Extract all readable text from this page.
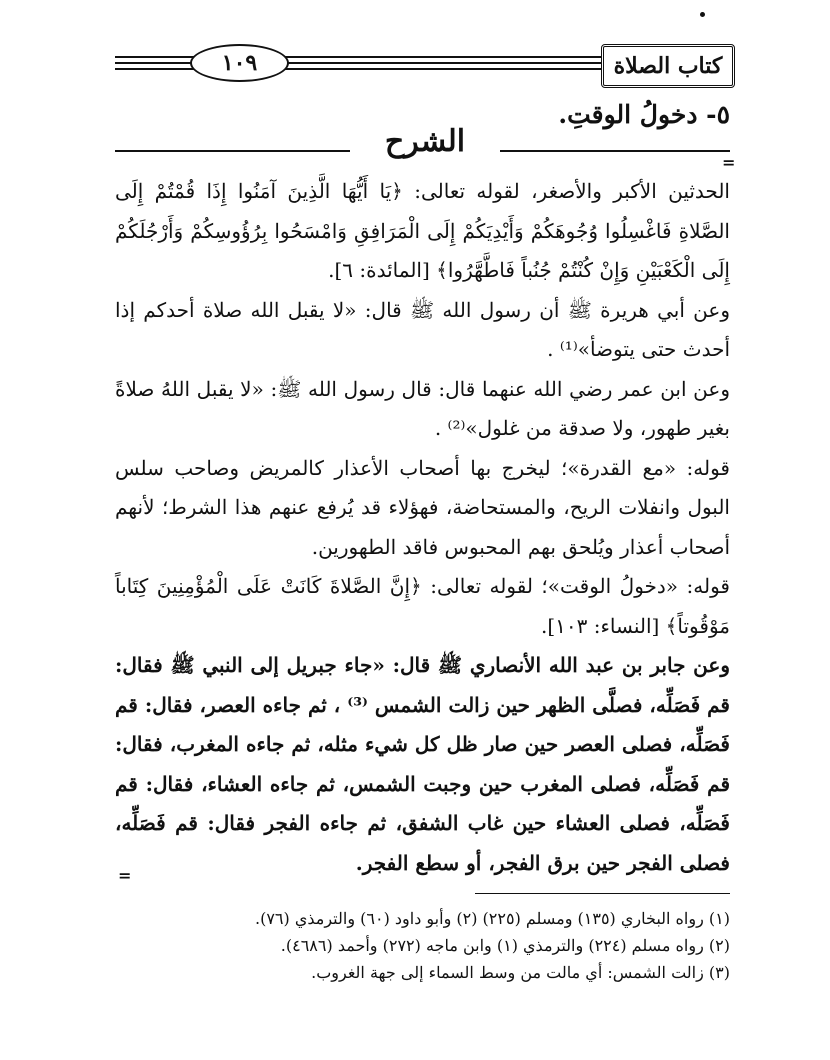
١٠٩	كتاب الصلاة
٥- دخولُ الوقتِ.
الشرح
=

الحدثين الأكبر والأصغر، لقوله تعالى: ﴿يَا أَيُّهَا الَّذِينَ آمَنُوا إِذَا قُمْتُمْ إِلَى الصَّلاةِ فَاغْسِلُوا وُجُوهَكُمْ وَأَيْدِيَكُمْ إِلَى الْمَرَافِقِ وَامْسَحُوا بِرُؤُوسِكُمْ وَأَرْجُلَكُمْ إِلَى الْكَعْبَيْنِ وَإِنْ كُنْتُمْ جُنُباً فَاطَّهَّرُوا﴾ [المائدة: ٦].

وعن أبي هريرة ﷺ أن رسول الله ﷺ قال: «لا يقبل الله صلاة أحدكم إذا أحدث حتى يتوضأ»⁽¹⁾ .

وعن ابن عمر رضي الله عنهما قال: قال رسول الله ﷺ: «لا يقبل اللهُ صلاةً بغير طهور، ولا صدقة من غلول»⁽²⁾ .

قوله: «مع القدرة»؛ ليخرج بها أصحاب الأعذار كالمريض وصاحب سلس البول وانفلات الريح، والمستحاضة، فهؤلاء قد يُرفع عنهم هذا الشرط؛ لأنهم أصحاب أعذار ويُلحق بهم المحبوس فاقد الطهورين.

قوله: «دخولُ الوقت»؛ لقوله تعالى: ﴿إِنَّ الصَّلاةَ كَانَتْ عَلَى الْمُؤْمِنِينَ كِتَاباً مَوْقُوتاً﴾ [النساء: ١٠٣].

وعن جابر بن عبد الله الأنصاري ﷺ قال: «جاء جبريل إلى النبي ﷺ فقال: قم فَصَلِّه، فصلَّى الظهر حين زالت الشمس ⁽³⁾ ، ثم جاءه العصر، فقال: قم فَصَلِّه، فصلى العصر حين صار ظل كل شيء مثله، ثم جاءه المغرب، فقال: قم فَصَلِّه، فصلى المغرب حين وجبت الشمس، ثم جاءه العشاء، فقال: قم فَصَلِّه، فصلى العشاء حين غاب الشفق، ثم جاءه الفجر فقال: قم فَصَلِّه، فصلى الفجر حين برق الفجر، أو سطع الفجر.

=
(١) رواه البخاري (١٣٥) ومسلم (٢٢٥) (٢) وأبو داود (٦٠) والترمذي (٧٦).
(٢) رواه مسلم (٢٢٤) والترمذي (١) وابن ماجه (٢٧٢) وأحمد (٤٦٨٦).
(٣) زالت الشمس: أي مالت من وسط السماء إلى جهة الغروب.
